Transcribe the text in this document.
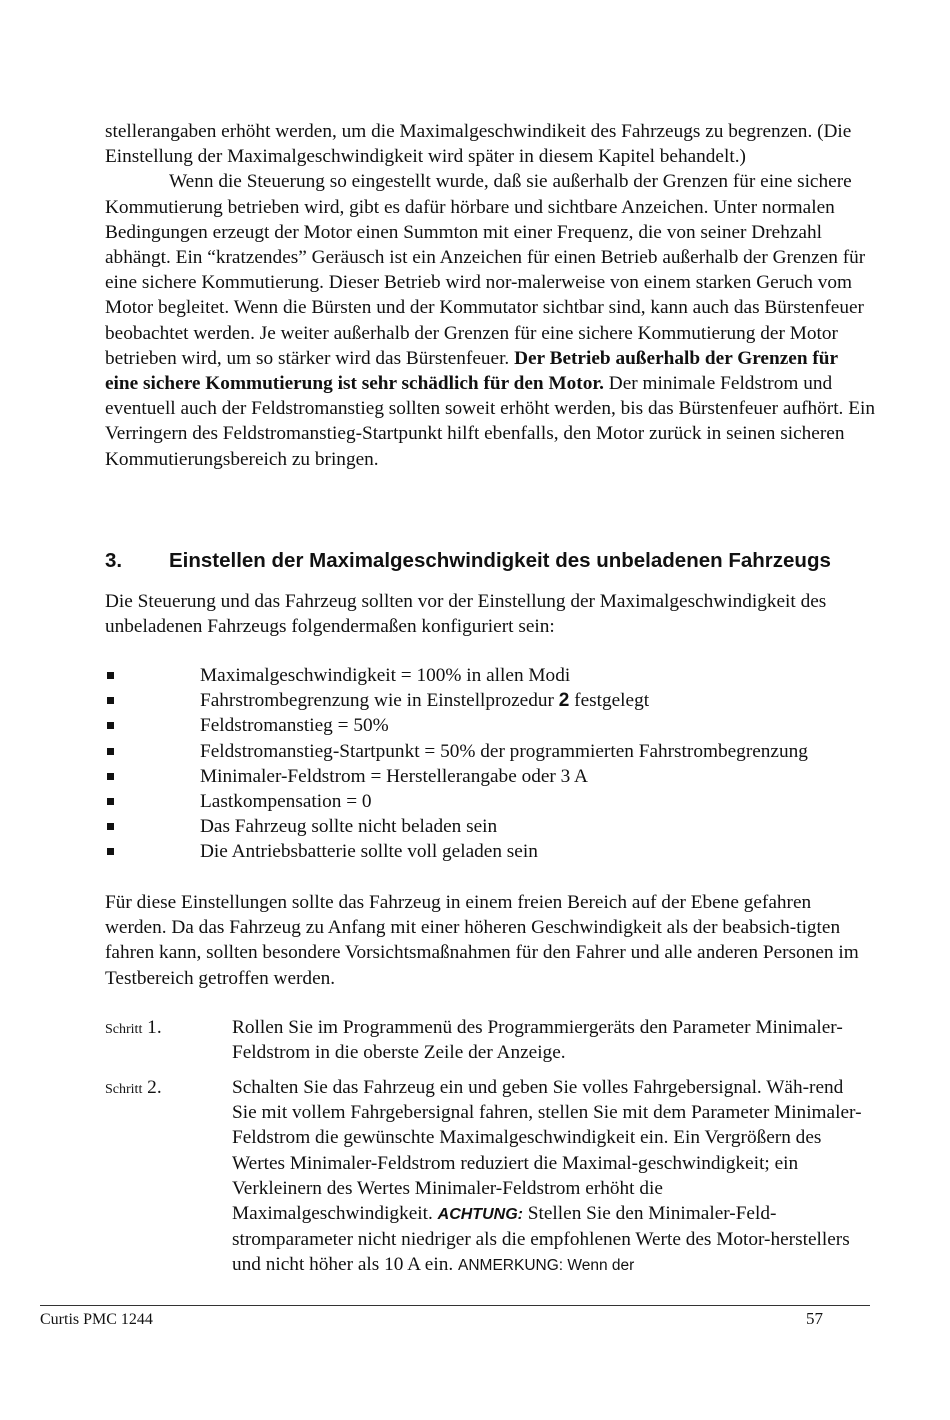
stellerangaben erhöht werden, um die Maximalgeschwindikeit des Fahrzeugs zu begrenzen. (Die Einstellung der Maximalgeschwindigkeit wird später in diesem Kapitel behandelt.)

Wenn die Steuerung so eingestellt wurde, daß sie außerhalb der Grenzen für eine sichere Kommutierung betrieben wird, gibt es dafür hörbare und sichtbare Anzeichen. Unter normalen Bedingungen erzeugt der Motor einen Summton mit einer Frequenz, die von seiner Drehzahl abhängt. Ein “kratzendes” Geräusch ist ein Anzeichen für einen Betrieb außerhalb der Grenzen für eine sichere Kommutierung. Dieser Betrieb wird nor-malerweise von einem starken Geruch vom Motor begleitet. Wenn die Bürsten und der Kommutator sichtbar sind, kann auch das Bürstenfeuer beobachtet werden. Je weiter außerhalb der Grenzen für eine sichere Kommutierung der Motor betrieben wird, um so stärker wird das Bürstenfeuer. Der Betrieb außerhalb der Grenzen für eine sichere Kommutierung ist sehr schädlich für den Motor. Der minimale Feldstrom und eventuell auch der Feldstromanstieg sollten soweit erhöht werden, bis das Bürstenfeuer aufhört. Ein Verringern des Feldstromanstieg-Startpunkt hilft ebenfalls, den Motor zurück in seinen sicheren Kommutierungsbereich zu bringen.

3. Einstellen der Maximalgeschwindigkeit des unbeladenen Fahrzeugs

Die Steuerung und das Fahrzeug sollten vor der Einstellung der Maximalgeschwindigkeit des unbeladenen Fahrzeugs folgendermaßen konfiguriert sein:

Maximalgeschwindigkeit = 100% in allen Modi
Fahrstrombegrenzung wie in Einstellprozedur 2 festgelegt
Feldstromanstieg = 50%
Feldstromanstieg-Startpunkt = 50% der programmierten Fahrstrombegrenzung
Minimaler-Feldstrom = Herstellerangabe oder 3 A
Lastkompensation = 0
Das Fahrzeug sollte nicht beladen sein
Die Antriebsbatterie sollte voll geladen sein

Für diese Einstellungen sollte das Fahrzeug in einem freien Bereich auf der Ebene gefahren werden. Da das Fahrzeug zu Anfang mit einer höheren Geschwindigkeit als der beabsich-tigten fahren kann, sollten besondere Vorsichtsmaßnahmen für den Fahrer und alle anderen Personen im Testbereich getroffen werden.

Schritt 1.	Rollen Sie im Programmenü des Programmiergeräts den Parameter Minimaler-Feldstrom in die oberste Zeile der Anzeige.
Schritt 2.	Schalten Sie das Fahrzeug ein und geben Sie volles Fahrgebersignal. Wäh-rend Sie mit vollem Fahrgebersignal fahren, stellen Sie mit dem Parameter Minimaler-Feldstrom die gewünschte Maximalgeschwindigkeit ein. Ein Vergrößern des Wertes Minimaler-Feldstrom reduziert die Maximal-geschwindigkeit; ein Verkleinern des Wertes Minimaler-Feldstrom erhöht die Maximalgeschwindigkeit. ACHTUNG: Stellen Sie den Minimaler-Feld-stromparameter nicht niedriger als die empfohlenen Werte des Motor-herstellers und nicht höher als 10 A ein. ANMERKUNG: Wenn der
Curtis PMC 1244	57
